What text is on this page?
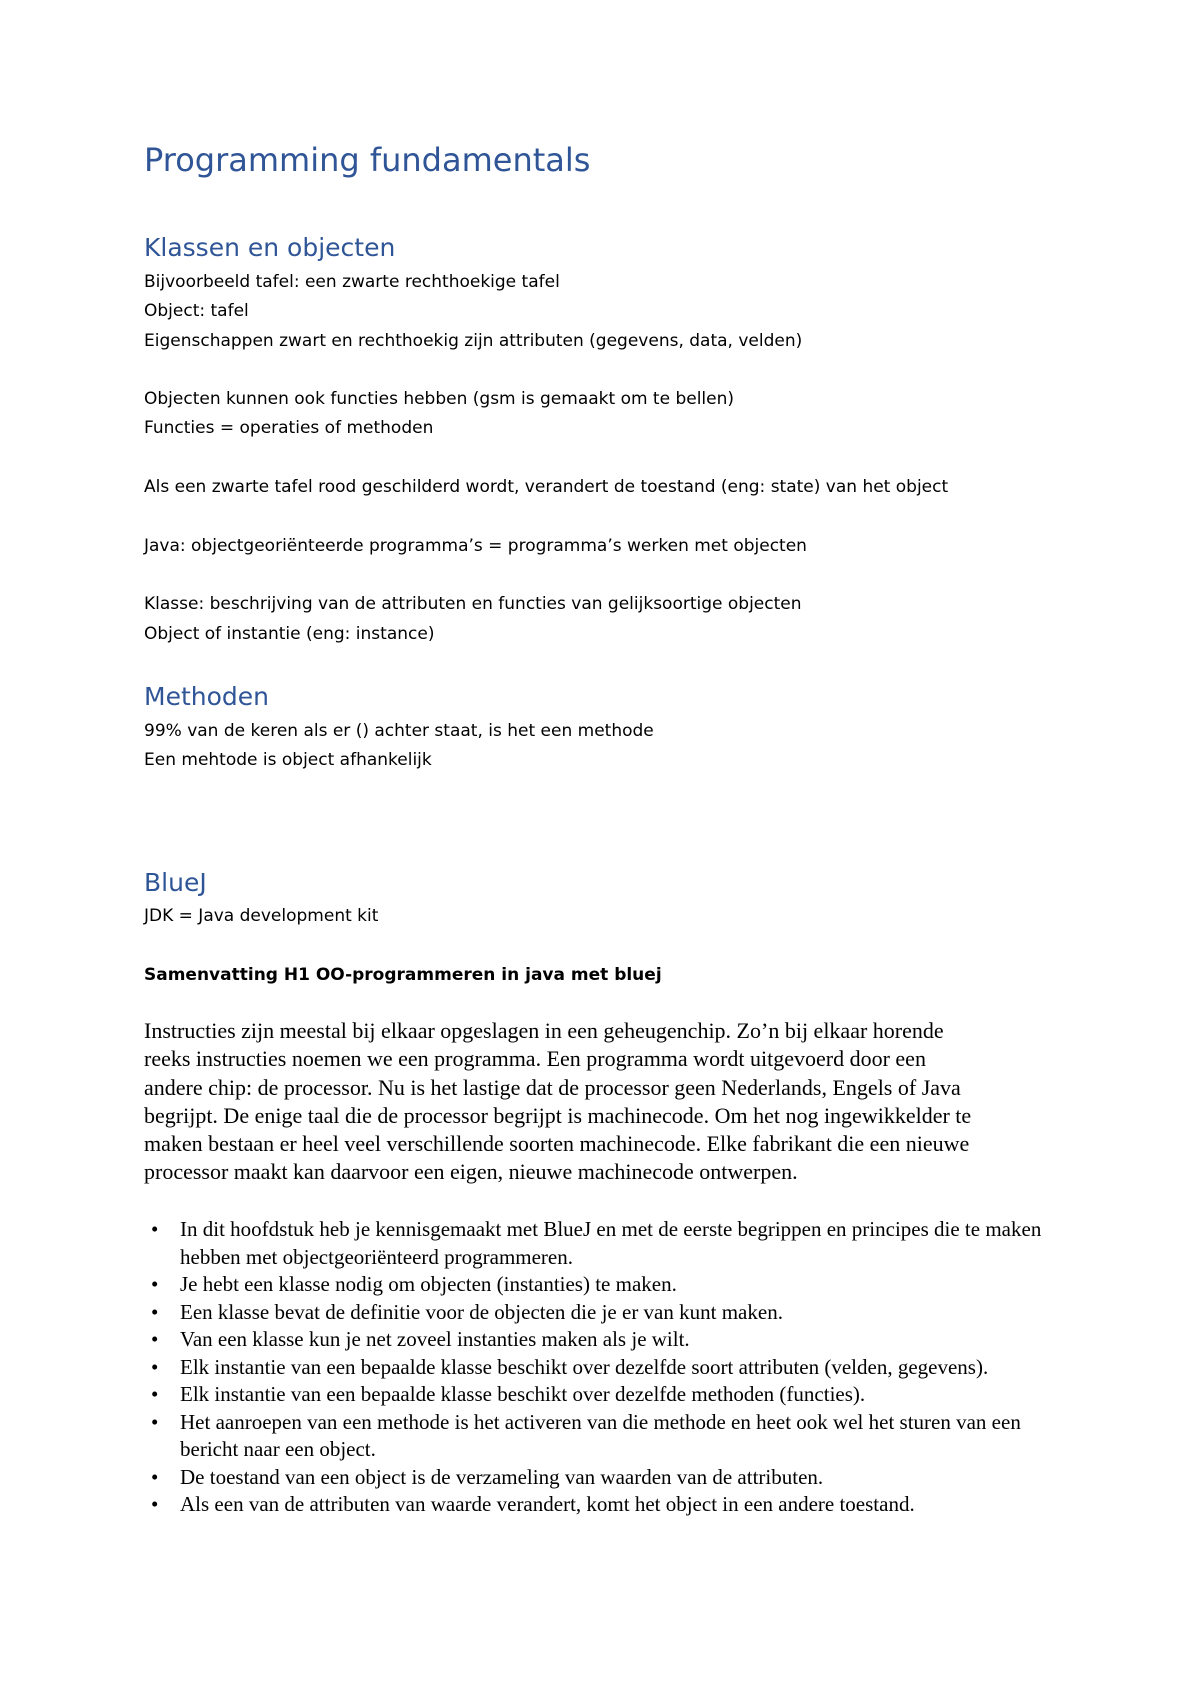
Programming fundamentals
Klassen en objecten

Bijvoorbeeld tafel: een zwarte rechthoekige tafel

Object: tafel

Eigenschappen zwart en rechthoekig zijn attributen (gegevens, data, velden)

Objecten kunnen ook functies hebben (gsm is gemaakt om te bellen)

Functies = operaties of methoden

Als een zwarte tafel rood geschilderd wordt, verandert de toestand (eng: state) van het object

Java: objectgeoriënteerde programma’s = programma’s werken met objecten

Klasse: beschrijving van de attributen en functies van gelijksoortige objecten

Object of instantie (eng: instance)

Methoden

99% van de keren als er () achter staat, is het een methode

Een mehtode is object afhankelijk

BlueJ

JDK = Java development kit

Samenvatting H1 OO-programmeren in java met bluej

Instructies zijn meestal bij elkaar opgeslagen in een geheugenchip. Zo’n bij elkaar horende
reeks instructies noemen we een programma. Een programma wordt uitgevoerd door een
andere chip: de processor. Nu is het lastige dat de processor geen Nederlands, Engels of Java
begrijpt. De enige taal die de processor begrijpt is machinecode. Om het nog ingewikkelder te
maken bestaan er heel veel verschillende soorten machinecode. Elke fabrikant die een nieuwe
processor maakt kan daarvoor een eigen, nieuwe machinecode ontwerpen.

• In dit hoofdstuk heb je kennisgemaakt met BlueJ en met de eerste begrippen en principes die te maken hebben met objectgeoriënteerd programmeren.
• Je hebt een klasse nodig om objecten (instanties) te maken.
• Een klasse bevat de definitie voor de objecten die je er van kunt maken.
• Van een klasse kun je net zoveel instanties maken als je wilt.
• Elk instantie van een bepaalde klasse beschikt over dezelfde soort attributen (velden, gegevens).
• Elk instantie van een bepaalde klasse beschikt over dezelfde methoden (functies).
• Het aanroepen van een methode is het activeren van die methode en heet ook wel het sturen van een bericht naar een object.
• De toestand van een object is de verzameling van waarden van de attributen.
• Als een van de attributen van waarde verandert, komt het object in een andere toestand.
